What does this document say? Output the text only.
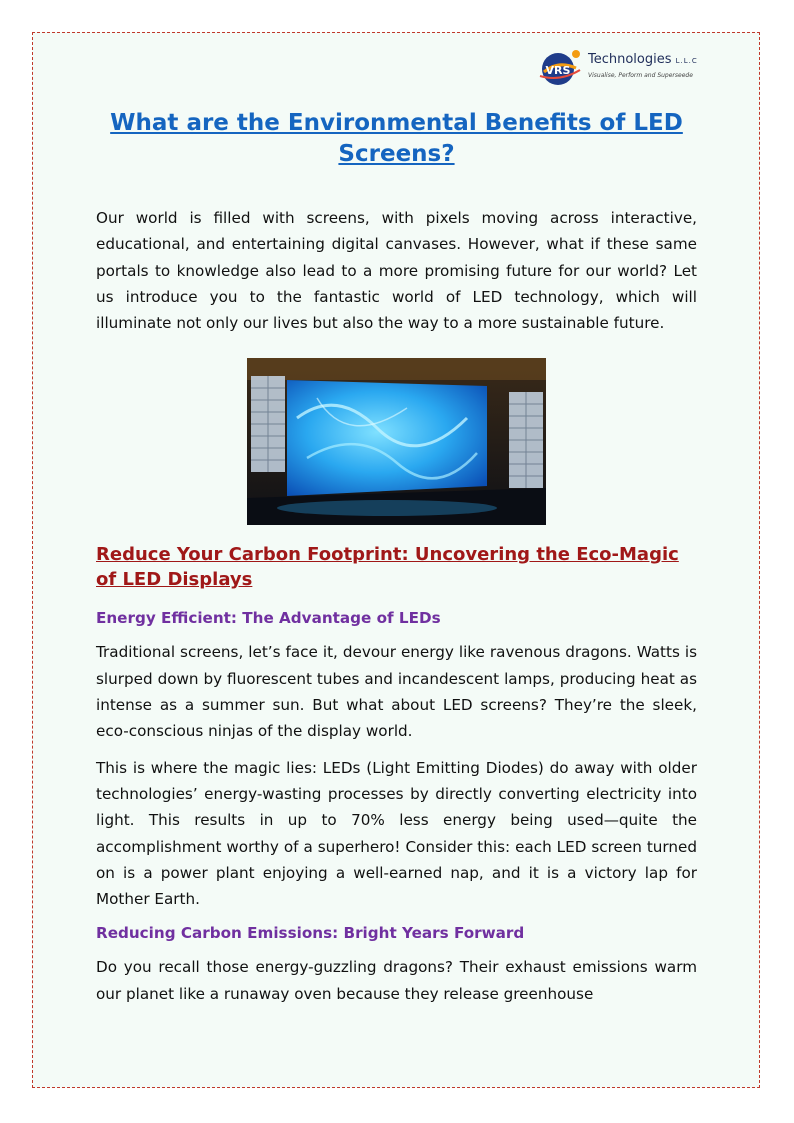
VRS
Technologies L.L.C
Visualise, Perform and Superseede
What are the Environmental Benefits of LED Screens?

Our world is filled with screens, with pixels moving across interactive, educational, and entertaining digital canvases. However, what if these same portals to knowledge also lead to a more promising future for our world? Let us introduce you to the fantastic world of LED technology, which will illuminate not only our lives but also the way to a more sustainable future.

Reduce Your Carbon Footprint: Uncovering the Eco-Magic of LED Displays
Energy Efficient: The Advantage of LEDs

Traditional screens, let’s face it, devour energy like ravenous dragons. Watts is slurped down by fluorescent tubes and incandescent lamps, producing heat as intense as a summer sun. But what about LED screens? They’re the sleek, eco-conscious ninjas of the display world.

This is where the magic lies: LEDs (Light Emitting Diodes) do away with older technologies’ energy-wasting processes by directly converting electricity into light. This results in up to 70% less energy being used—quite the accomplishment worthy of a superhero! Consider this: each LED screen turned on is a power plant enjoying a well-earned nap, and it is a victory lap for Mother Earth.

Reducing Carbon Emissions: Bright Years Forward

Do you recall those energy-guzzling dragons? Their exhaust emissions warm our planet like a runaway oven because they release greenhouse
